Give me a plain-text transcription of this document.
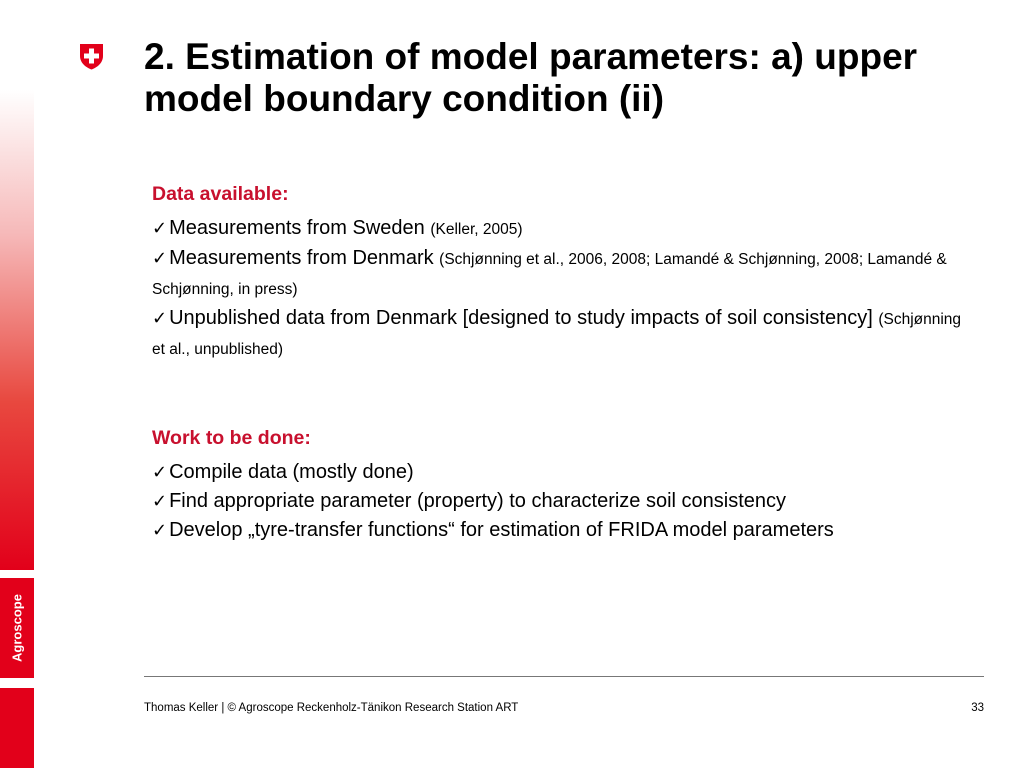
Agroscope
2. Estimation of model parameters: a) upper model boundary condition (ii)

Data available:

✓ Measurements from Sweden (Keller, 2005)
✓ Measurements from Denmark (Schjønning et al., 2006, 2008; Lamandé & Schjønning, 2008; Lamandé & Schjønning, in press)
✓ Unpublished data from Denmark [designed to study impacts of soil consistency] (Schjønning et al., unpublished)

Work to be done:

✓ Compile data (mostly done)
✓ Find appropriate parameter (property) to characterize soil consistency
✓ Develop „tyre-transfer functions“ for estimation of FRIDA model parameters
Thomas Keller | © Agroscope Reckenholz-Tänikon Research Station ART	33
